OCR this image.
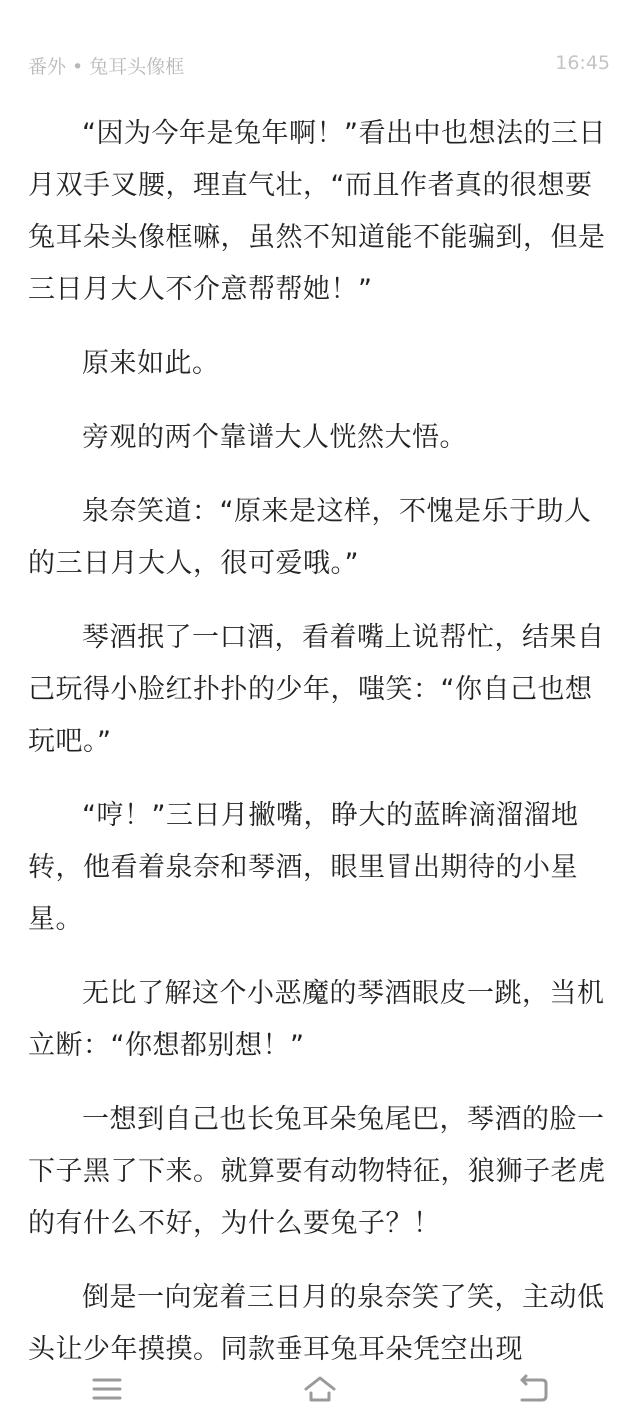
番外 • 兔耳头像框	16:45

“因为今年是兔年啊！”看出中也想法的三日月双手叉腰，理直气壮，“而且作者真的很想要兔耳朵头像框嘛，虽然不知道能不能骗到，但是三日月大人不介意帮帮她！”

原来如此。

旁观的两个靠谱大人恍然大悟。

泉奈笑道：“原来是这样，不愧是乐于助人的三日月大人，很可爱哦。”

琴酒抿了一口酒，看着嘴上说帮忙，结果自己玩得小脸红扑扑的少年，嗤笑：“你自己也想玩吧。”

“哼！”三日月撇嘴，睁大的蓝眸滴溜溜地转，他看着泉奈和琴酒，眼里冒出期待的小星星。

无比了解这个小恶魔的琴酒眼皮一跳，当机立断：“你想都别想！”

一想到自己也长兔耳朵兔尾巴，琴酒的脸一下子黑了下来。就算要有动物特征，狼狮子老虎的有什么不好，为什么要兔子？！

倒是一向宠着三日月的泉奈笑了笑，主动低头让少年摸摸。同款垂耳兔耳朵凭空出现
